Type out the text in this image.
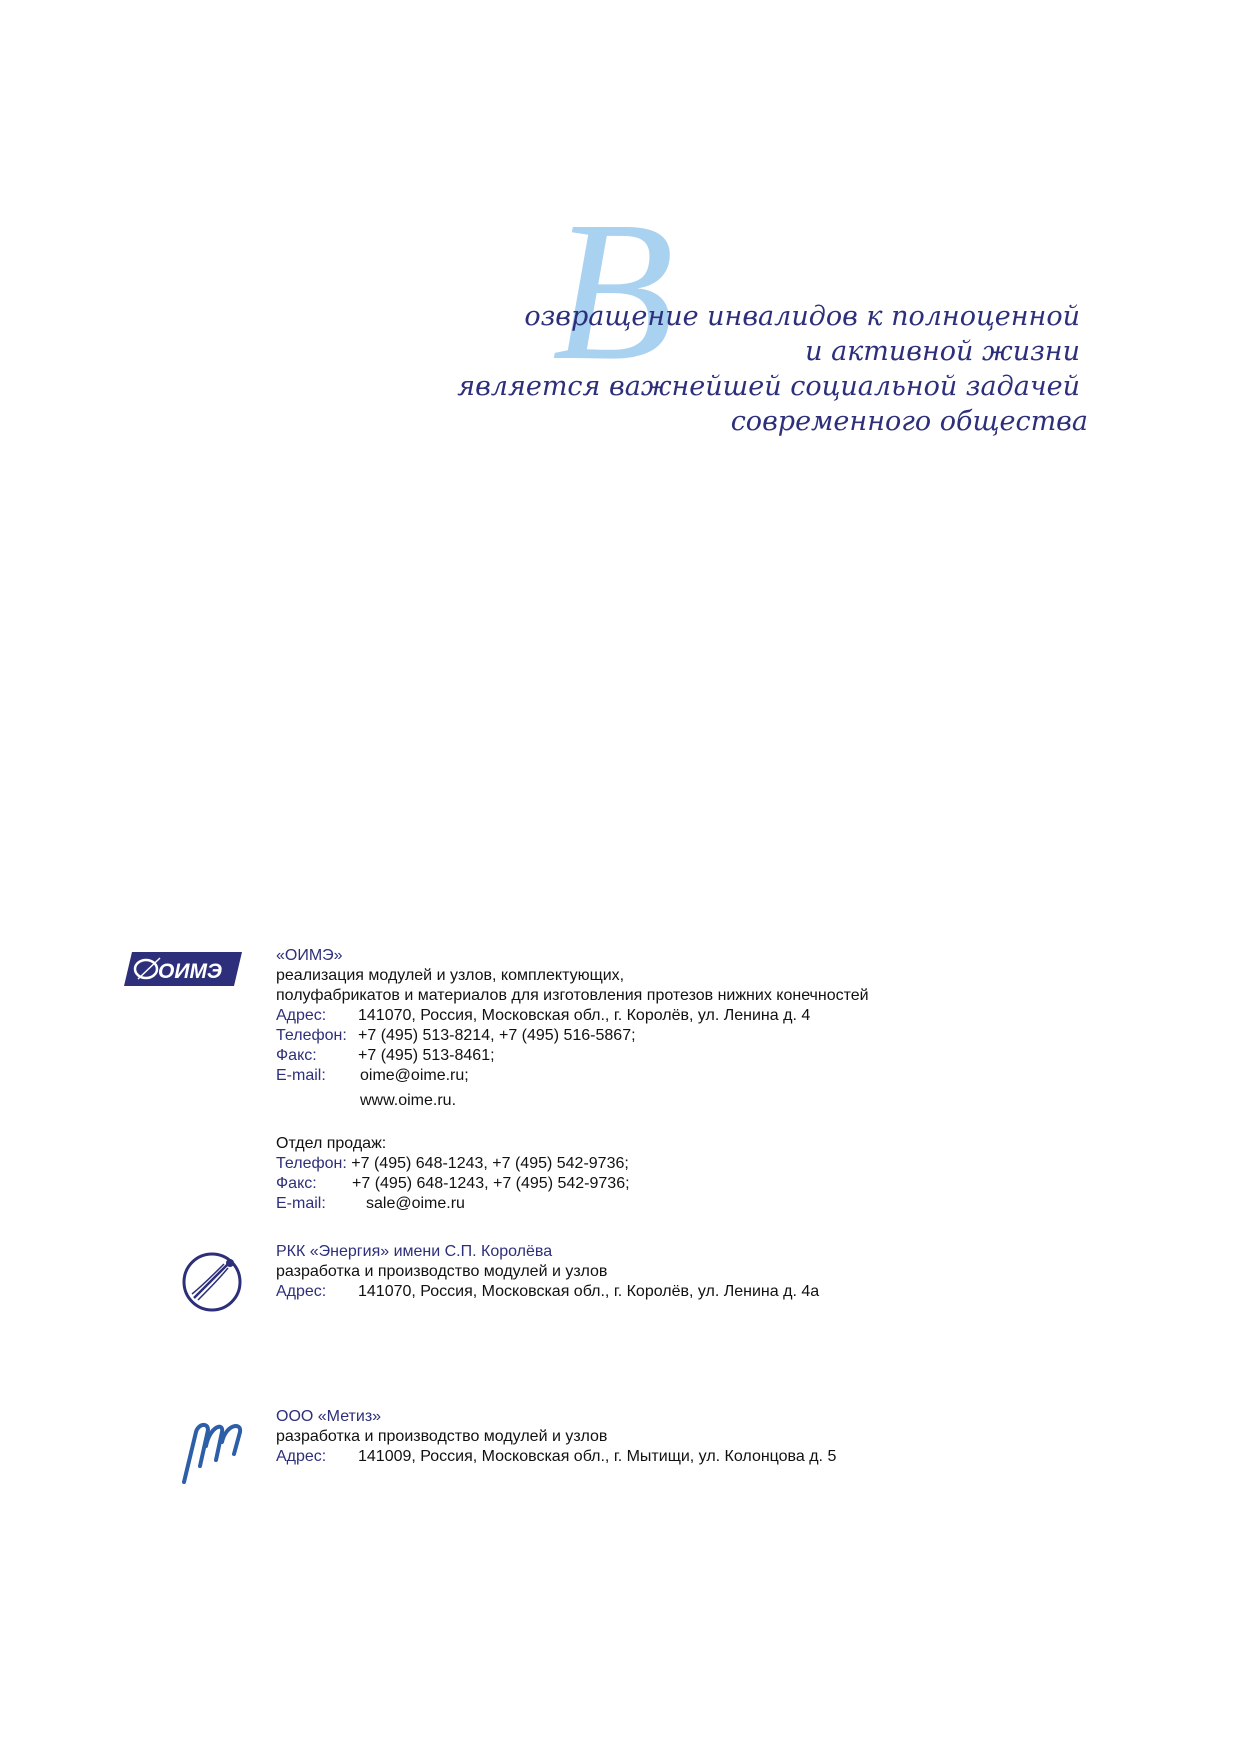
В
озвращение инвалидов к полноценной
и активной жизни
является важнейшей социальной задачей
современного общества
ОИМЭ
«ОИМЭ»
реализация модулей и узлов, комплектующих,
полуфабрикатов и материалов для изготовления протезов нижних конечностей
Адрес: 141070, Россия, Московская обл., г. Королёв, ул. Ленина д. 4
Телефон: +7 (495) 513-8214, +7 (495) 516-5867;
Факс:	+7 (495) 513-8461;
E-mail: oime@oime.ru;
www.oime.ru.
Отдел продаж:
Телефон: +7 (495) 648-1243, +7 (495) 542-9736;
Факс: +7 (495) 648-1243, +7 (495) 542-9736;
E-mail:	sale@oime.ru
РКК «Энергия» имени С.П. Королёва
разработка и производство модулей и узлов
Адрес: 141070, Россия, Московская обл., г. Королёв, ул. Ленина д. 4а
ООО «Метиз»
разработка и производство модулей и узлов
Адрес: 141009, Россия, Московская обл., г. Мытищи, ул. Колонцова д. 5
